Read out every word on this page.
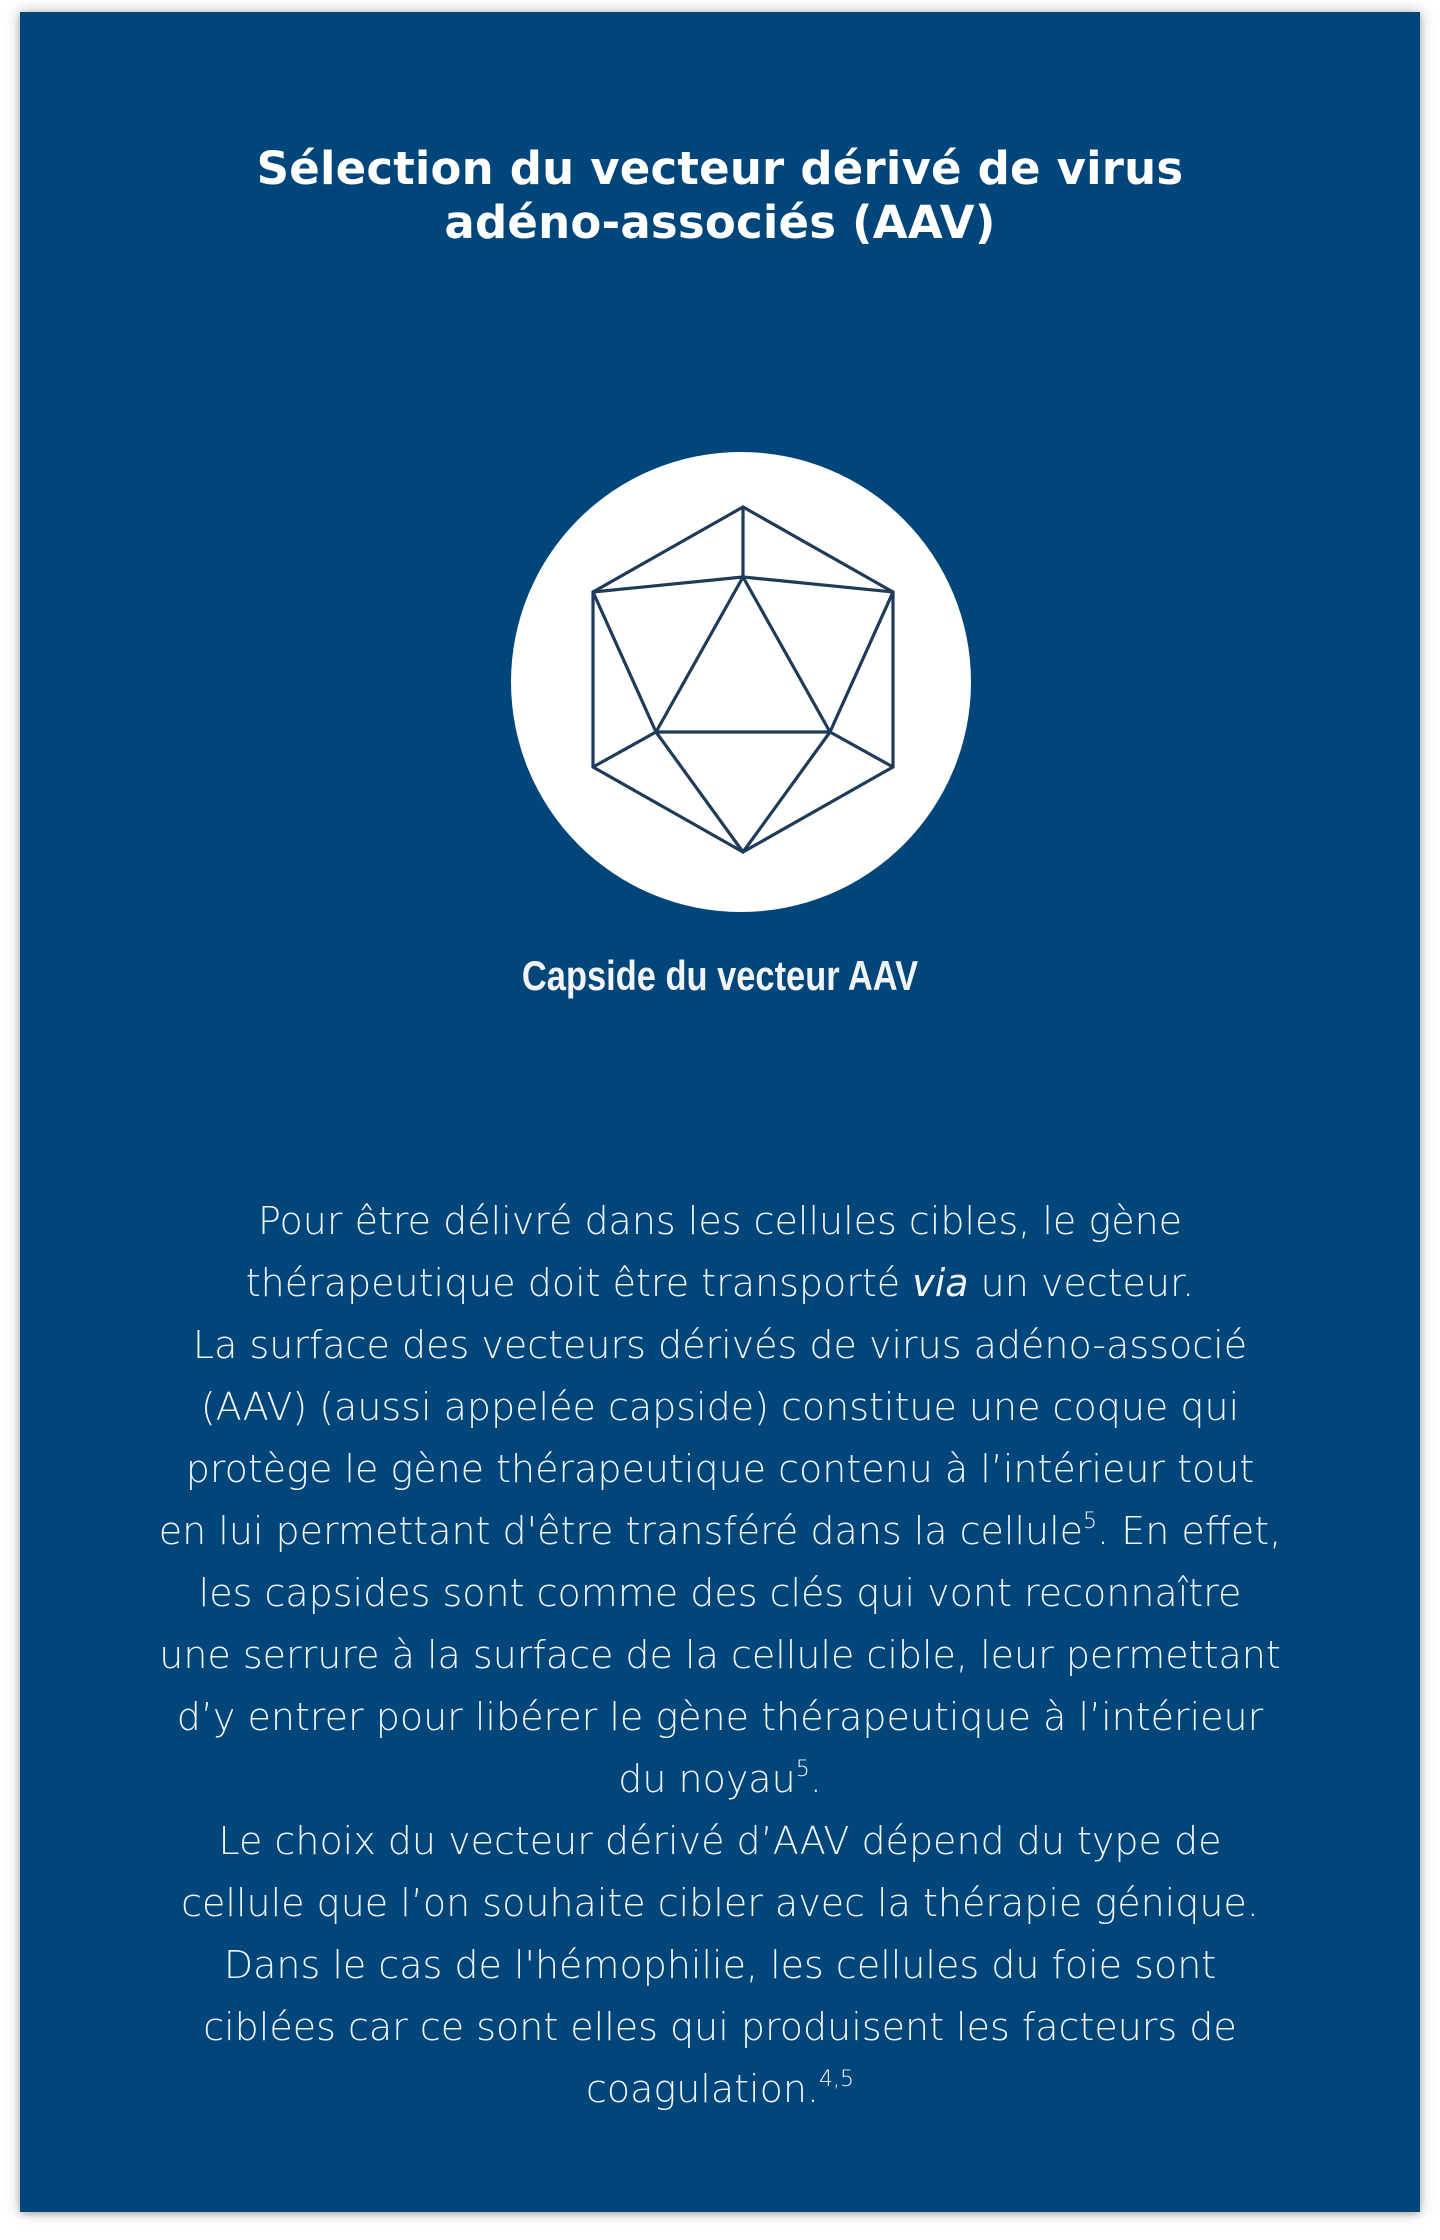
Sélection du vecteur dérivé de virus
adéno-associés (AAV)
Capside du vecteur AAV
Pour être délivré dans les cellules cibles, le gène
thérapeutique doit être transporté via un vecteur.
La surface des vecteurs dérivés de virus adéno-associé
(AAV) (aussi appelée capside) constitue une coque qui
protège le gène thérapeutique contenu à l’intérieur tout
en lui permettant d'être transféré dans la cellule$^5$. En effet,
les capsides sont comme des clés qui vont reconnaître
une serrure à la surface de la cellule cible, leur permettant
d’y entrer pour libérer le gène thérapeutique à l’intérieur
du noyau$^5$.
Le choix du vecteur dérivé d’AAV dépend du type de
cellule que l’on souhaite cibler avec la thérapie génique.
Dans le cas de l'hémophilie, les cellules du foie sont
ciblées car ce sont elles qui produisent les facteurs de
coagulation.$^{4,5}$
